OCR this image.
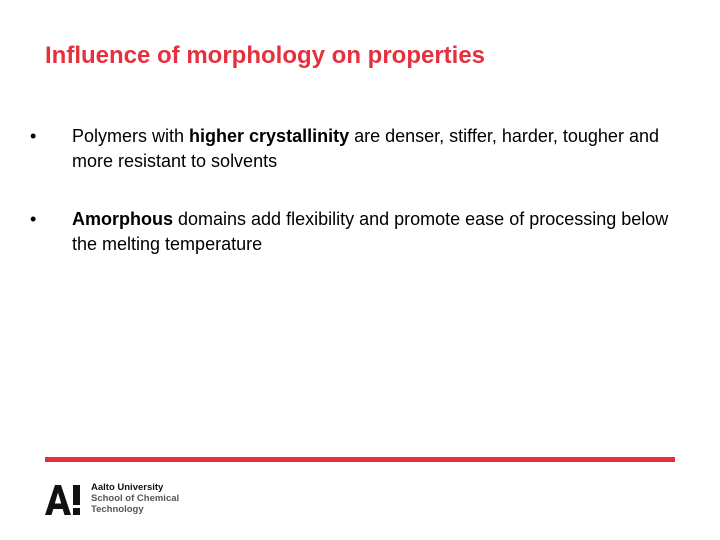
Influence of morphology on properties
•	Polymers with higher crystallinity are denser, stiffer, harder, tougher and more resistant to solvents
•	Amorphous domains add flexibility and promote ease of processing below the melting temperature
Aalto University
School of Chemical
Technology
